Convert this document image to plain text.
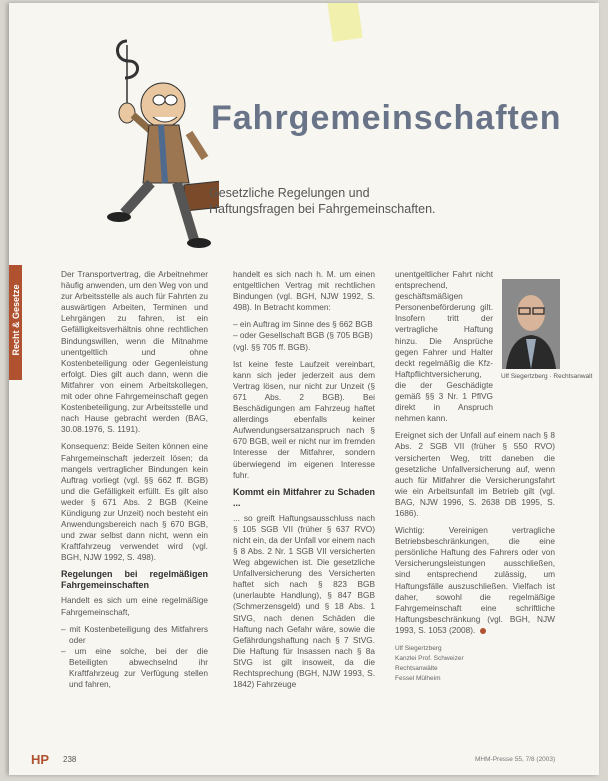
Fahrgemeinschaften
Gesetzliche Regelungen und
Haftungsfragen bei Fahrgemeinschaften.
Recht & Gesetze

Der Transportvertrag, die Arbeitnehmer häufig anwenden, um den Weg von und zur Arbeitsstelle als auch für Fahrten zu auswärtigen Arbeiten, Terminen und Lehrgängen zu fahren, ist ein Gefälligkeitsverhältnis ohne rechtlichen Bindungswillen, wenn die Mitnahme unentgeltlich und ohne Kostenbeteiligung oder Gegenleistung erfolgt. Dies gilt auch dann, wenn die Mitfahrer von einem Arbeitskollegen, mit oder ohne Fahrgemeinschaft gegen Kostenbeteiligung, zur Arbeitsstelle und nach Hause gebracht werden (BAG, 30.08.1976, S. 1191).

Konsequenz: Beide Seiten können eine Fahrgemeinschaft jederzeit lösen; da mangels vertraglicher Bindungen kein Auftrag vorliegt (vgl. §§ 662 ff. BGB) und die Gefälligkeit erfüllt. Es gilt also weder § 671 Abs. 2 BGB (Keine Kündigung zur Unzeit) noch besteht ein Anwendungsbereich nach § 670 BGB, und zwar selbst dann nicht, wenn ein Kraftfahrzeug verwendet wird (vgl. BGH, NJW 1992, S. 498).

Regelungen bei regelmäßigen Fahrgemeinschaften

Handelt es sich um eine regelmäßige Fahrgemeinschaft,

– mit Kostenbeteiligung des Mitfahrers oder
– um eine solche, bei der die Beteiligten abwechselnd ihr Kraftfahrzeug zur Verfügung stellen und fahren,

handelt es sich nach h. M. um einen entgeltlichen Vertrag mit rechtlichen Bindungen (vgl. BGH, NJW 1992, S. 498). In Betracht kommen:

– ein Auftrag im Sinne des § 662 BGB
– oder Gesellschaft BGB (§ 705 BGB)
(vgl. §§ 705 ff. BGB).

Ist keine feste Laufzeit vereinbart, kann sich jeder jederzeit aus dem Vertrag lösen, nur nicht zur Unzeit (§ 671 Abs. 2 BGB). Bei Beschädigungen am Fahrzeug haftet allerdings ebenfalls keiner Aufwendungsersatzanspruch nach § 670 BGB, weil er nicht nur im fremden Interesse der Mitfahrer, sondern überwiegend im eigenen Interesse fuhr.

Kommt ein Mitfahrer zu Schaden ...

... so greift Haftungsausschluss nach § 105 SGB VII (früher § 637 RVO) nicht ein, da der Unfall vor einem nach § 8 Abs. 2 Nr. 1 SGB VII versicherten Weg abgewichen ist. Die gesetzliche Unfallversicherung des Versicherten haftet sich nach § 823 BGB (unerlaubte Handlung), § 847 BGB (Schmerzensgeld) und § 18 Abs. 1 StVG, nach denen Schäden die Haftung nach Gefahr wäre, sowie die Gefährdungshaftung nach § 7 StVG. Die Haftung für Insassen nach § 8a StVG ist gilt insoweit, da die Rechtsprechung (BGH, NJW 1993, S. 1842) Fahrzeuge

unentgeltlicher Fahrt nicht entsprechend, geschäftsmäßigen Personenbeförderung gilt. Insofern tritt der vertragliche Haftung hinzu. Die Ansprüche gegen Fahrer und Halter deckt regelmäßig die Kfz-Haftpflichtversicherung, die der Geschädigte gemäß §§ 3 Nr. 1 PflVG direkt in Anspruch nehmen kann.

Ereignet sich der Unfall auf einem nach § 8 Abs. 2 SGB VII (früher § 550 RVO) versicherten Weg, tritt daneben die gesetzliche Unfallversicherung auf, wenn auch für Mitfahrer die Versicherungsfahrt wie ein Arbeitsunfall im Betrieb gilt (vgl. BAG, NJW 1996, S. 2638 DB 1995, S. 1686).

Wichtig: Vereinigen vertragliche Betriebsbeschränkungen, die eine persönliche Haftung des Fahrers oder von Versicherungsleistungen ausschließen, sind entsprechend zulässig, um Haftungsfälle auszuschließen. Vielfach ist daher, sowohl die regelmäßige Fahrgemeinschaft eine schriftliche Haftungsbeschränkung (vgl. BGH, NJW 1993, S. 1053 (2008).

Ulf Siegertzberg
Kanzlei Prof. Schweizer
Rechtsanwälte
Fessel Mülheim
Ulf Siegertzberg · Rechtsanwalt
HP 238	MHM-Presse 55, 7/8 (2003)
